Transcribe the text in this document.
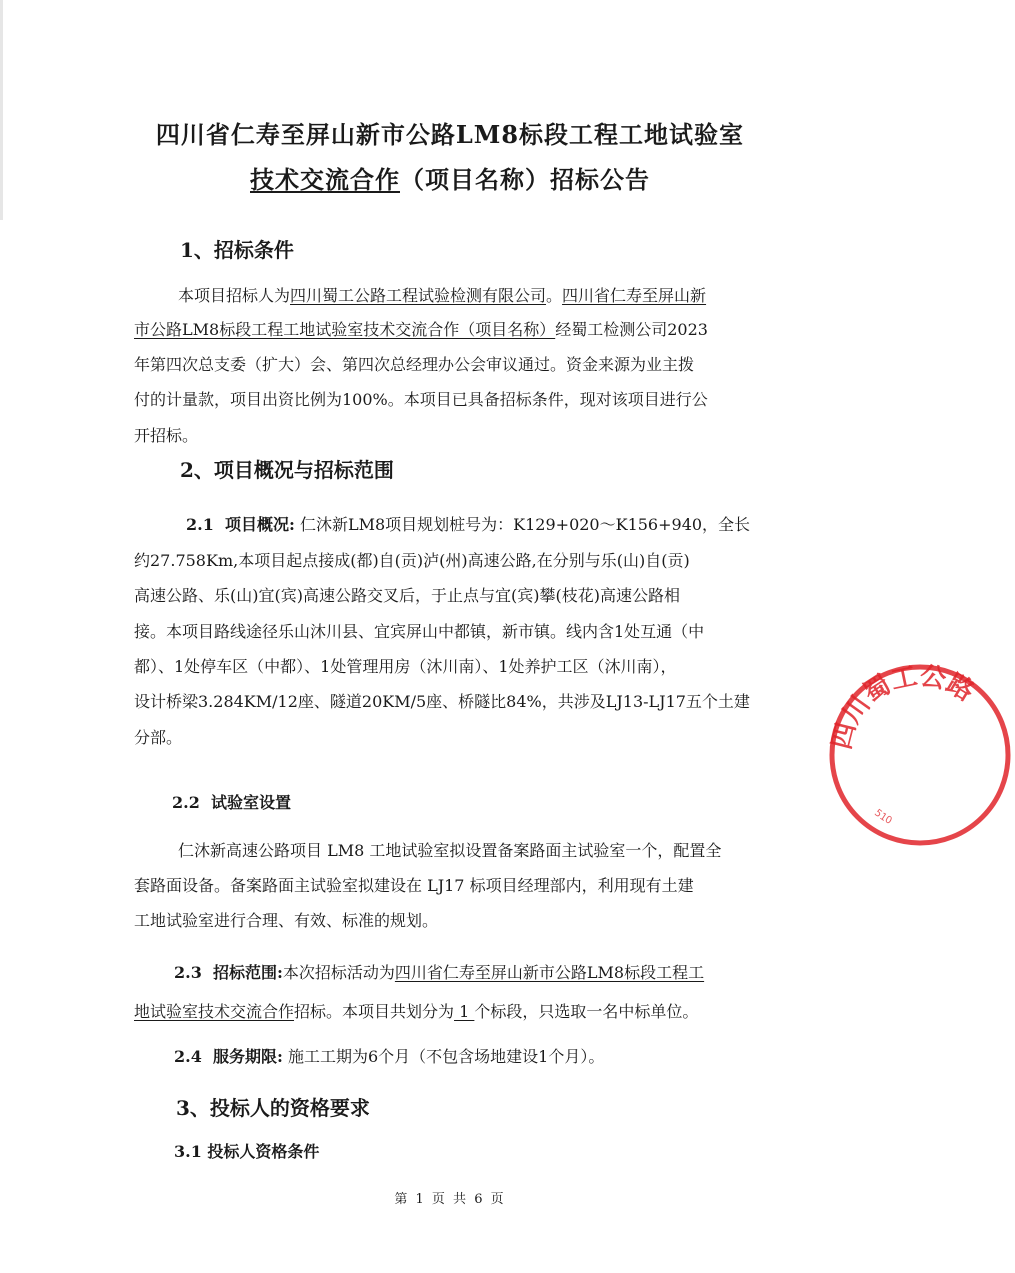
四川省仁寿至屏山新市公路LM8标段工程工地试验室
技术交流合作（项目名称）招标公告
1、招标条件
本项目招标人为四川蜀工公路工程试验检测有限公司。四川省仁寿至屏山新
市公路LM8标段工程工地试验室技术交流合作（项目名称）经蜀工检测公司2023
年第四次总支委（扩大）会、第四次总经理办公会审议通过。资金来源为业主拨
付的计量款，项目出资比例为100%。本项目已具备招标条件，现对该项目进行公
开招标。
2、项目概况与招标范围
2.1  项目概况: 仁沐新LM8项目规划桩号为：K129+020～K156+940，全长
约27.758Km,本项目起点接成(都)自(贡)泸(州)高速公路,在分别与乐(山)自(贡)
高速公路、乐(山)宜(宾)高速公路交叉后，于止点与宜(宾)攀(枝花)高速公路相
接。本项目路线途径乐山沐川县、宜宾屏山中都镇，新市镇。线内含1处互通（中
都）、1处停车区（中都）、1处管理用房（沐川南）、1处养护工区（沐川南），
设计桥梁3.284KM/12座、隧道20KM/5座、桥隧比84%，共涉及LJ13-LJ17五个土建
分部。
2.2  试验室设置
仁沐新高速公路项目 LM8 工地试验室拟设置备案路面主试验室一个，配置全
套路面设备。备案路面主试验室拟建设在 LJ17 标项目经理部内，利用现有土建
工地试验室进行合理、有效、标准的规划。
2.3  招标范围:本次招标活动为四川省仁寿至屏山新市公路LM8标段工程工
地试验室技术交流合作招标。本项目共划分为 1 个标段，只选取一名中标单位。
2.4  服务期限: 施工工期为6个月（不包含场地建设1个月）。
3、投标人的资格要求
3.1 投标人资格条件
第 1 页 共 6 页
四川蜀工公路
510
